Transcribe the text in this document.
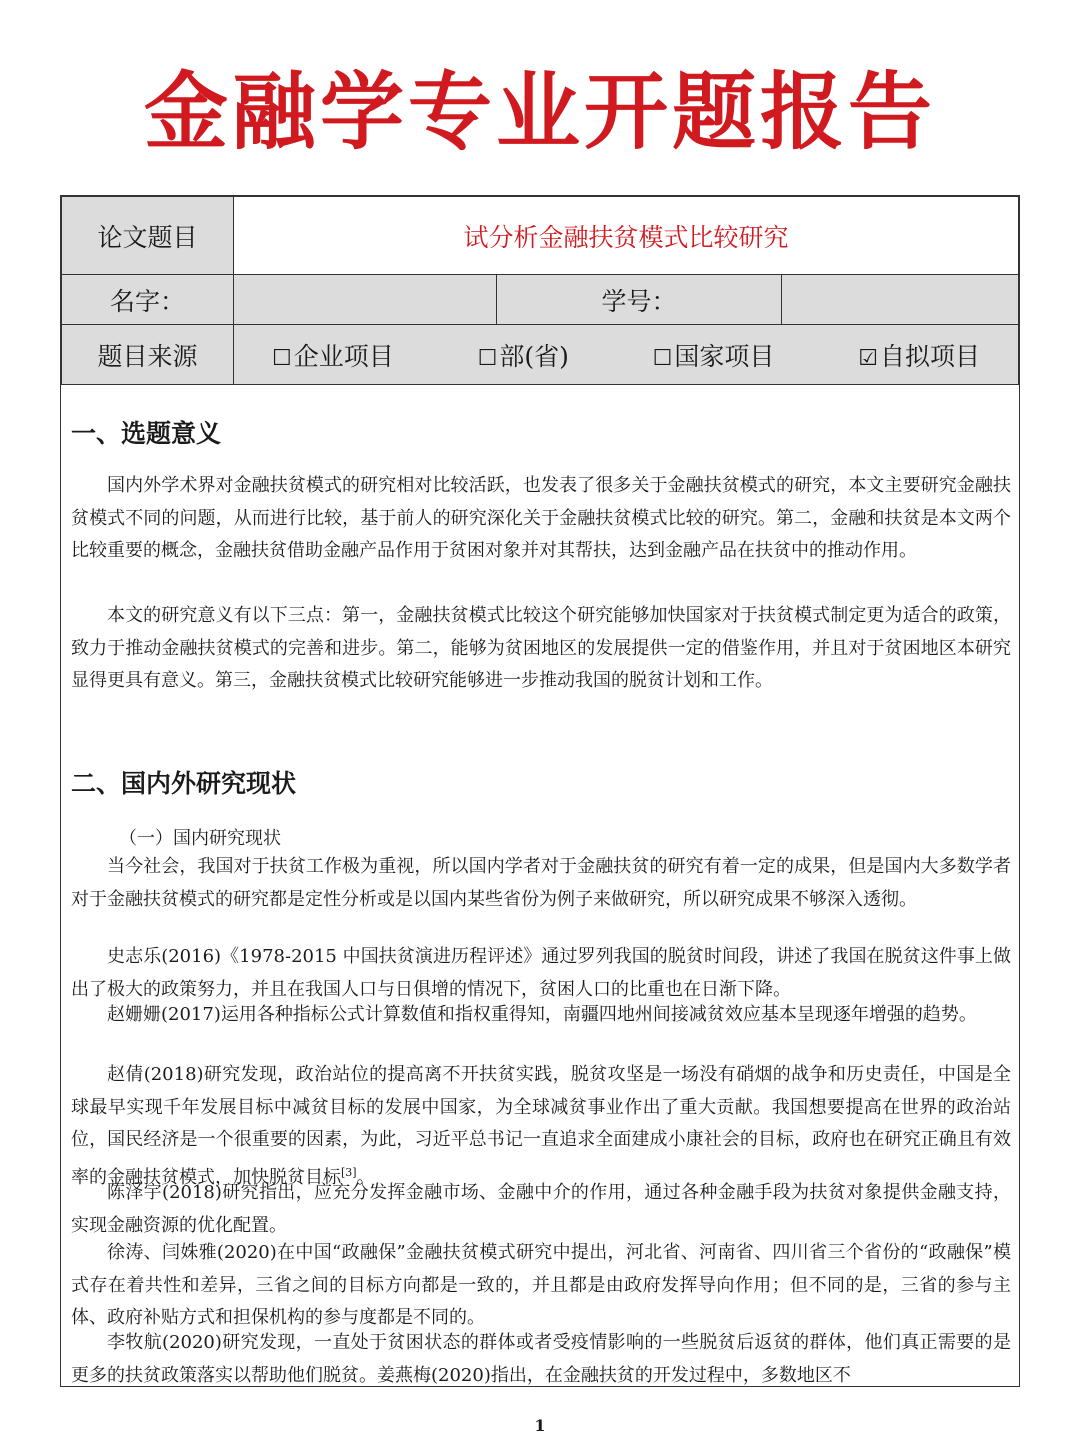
金融学专业开题报告
论文题目	试分析金融扶贫模式比较研究		
名字：		学号：	
题目来源	☐企业项目 ☐部(省) ☐国家项目 ☑自拟项目		
一、选题意义
国内外学术界对金融扶贫模式的研究相对比较活跃，也发表了很多关于金融扶贫模式的研究，本文主要研究金融扶贫模式不同的问题，从而进行比较，基于前人的研究深化关于金融扶贫模式比较的研究。第二，金融和扶贫是本文两个比较重要的概念，金融扶贫借助金融产品作用于贫困对象并对其帮扶，达到金融产品在扶贫中的推动作用。
本文的研究意义有以下三点：第一，金融扶贫模式比较这个研究能够加快国家对于扶贫模式制定更为适合的政策，致力于推动金融扶贫模式的完善和进步。第二，能够为贫困地区的发展提供一定的借鉴作用，并且对于贫困地区本研究显得更具有意义。第三，金融扶贫模式比较研究能够进一步推动我国的脱贫计划和工作。
二、国内外研究现状
（一）国内研究现状
当今社会，我国对于扶贫工作极为重视，所以国内学者对于金融扶贫的研究有着一定的成果，但是国内大多数学者对于金融扶贫模式的研究都是定性分析或是以国内某些省份为例子来做研究，所以研究成果不够深入透彻。
史志乐(2016)《1978-2015 中国扶贫演进历程评述》通过罗列我国的脱贫时间段，讲述了我国在脱贫这件事上做出了极大的政策努力，并且在我国人口与日俱增的情况下，贫困人口的比重也在日渐下降。
赵姗姗(2017)运用各种指标公式计算数值和指权重得知，南疆四地州间接减贫效应基本呈现逐年增强的趋势。
赵倩(2018)研究发现，政治站位的提高离不开扶贫实践，脱贫攻坚是一场没有硝烟的战争和历史责任，中国是全球最早实现千年发展目标中减贫目标的发展中国家，为全球减贫事业作出了重大贡献。我国想要提高在世界的政治站位，国民经济是一个很重要的因素，为此，习近平总书记一直追求全面建成小康社会的目标，政府也在研究正确且有效率的金融扶贫模式，加快脱贫目标[3]。
陈泽宇(2018)研究指出，应充分发挥金融市场、金融中介的作用，通过各种金融手段为扶贫对象提供金融支持，实现金融资源的优化配置。
徐涛、闫姝雅(2020)在中国“政融保”金融扶贫模式研究中提出，河北省、河南省、四川省三个省份的“政融保”模式存在着共性和差异，三省之间的目标方向都是一致的，并且都是由政府发挥导向作用；但不同的是，三省的参与主体、政府补贴方式和担保机构的参与度都是不同的。
李牧航(2020)研究发现，一直处于贫困状态的群体或者受疫情影响的一些脱贫后返贫的群体，他们真正需要的是更多的扶贫政策落实以帮助他们脱贫。姜燕梅(2020)指出，在金融扶贫的开发过程中，多数地区不
1
